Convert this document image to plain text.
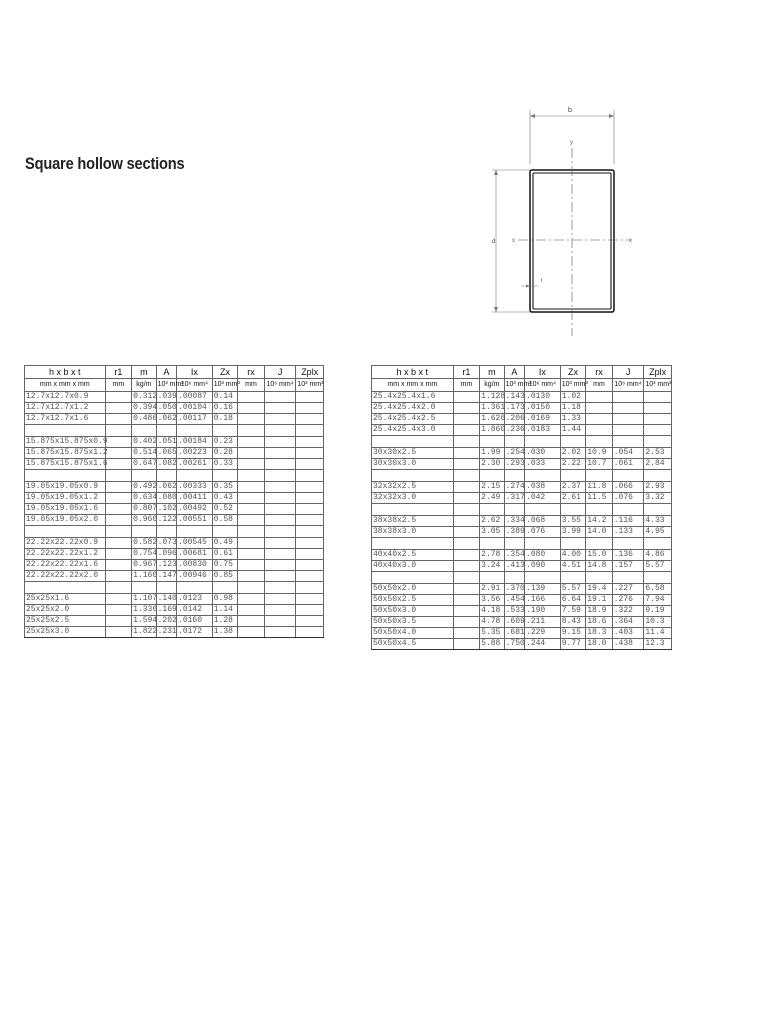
Square hollow sections
b
d
y
x	x
t
h x b x t	r1	m	A	Ix	Zx	rx	J	Zplx
mm x mm x mm	mm	kg/m	10³ mm²	10⁶ mm⁴	10³ mm³	mm	10⁶ mm⁴	10³ mm³
12.7x12.7x0.9		0.312	.039	.00087	0.14			
12.7x12.7x1.2		0.394	.050	.00104	0.16			
12.7x12.7x1.6		0.486	.062	.00117	0.18			

15.875x15.875x0.9		0.402	.051	.00184	0.23			
15.875x15.875x1.2		0.514	.065	.00223	0.28			
15.875x15.875x1.6		0.647	.082	.00261	0.33			

19.05x19.05x0.9		0.492	.062	.00333	0.35			
19.05x19.05x1.2		0.634	.080	.00411	0.43			
19.05x19.05x1.6		0.807	.102	.00492	0.52			
19.05x19.05x2.0		0.960	.122	.00551	0.58			

22.22x22.22x0.9		0.582	.073	.00545	0.49			
22.22x22.22x1.2		0.754	.096	.00681	0.61			
22.22x22.22x1.6		0.967	.123	.00830	0.75			
22.22x22.22x2.0		1.160	.147	.00946	0.85			

25x25x1.6		1.107	.140	.0123	0.98			
25x25x2.0		1.336	.169	.0142	1.14			
25x25x2.5		1.594	.202	.0160	1.28			
25x25x3.0		1.822	.231	.0172	1.38			
h x b x t	r1	m	A	Ix	Zx	rx	J	Zplx
mm x mm x mm	mm	kg/m	10³ mm²	10⁶ mm⁴	10³ mm³	mm	10⁶ mm⁴	10³ mm³
25.4x25.4x1.6		1.128	.143	.0130	1.02			
25.4x25.4x2.0		1.361	.173	.0150	1.18			
25.4x25.4x2.5		1.626	.206	.0169	1.33			
25.4x25.4x3.0		1.860	.236	.0183	1.44			

30x30x2.5		1.99	.254	.030	2.02	10.9	.054	2.53
30x30x3.0		2.30	.293	.033	2.22	10.7	.061	2.84

32x32x2.5		2.15	.274	.038	2.37	11.8	.066	2.93
32x32x3.0		2.49	.317	.042	2.61	11.5	.076	3.32

38x38x2.5		2.62	.334	.068	3.55	14.2	.116	4.33
38x38x3.0		3.05	.389	.076	3.99	14.0	.133	4.95

40x40x2.5		2.78	.354	.080	4.00	15.0	.136	4.86
40x40x3.0		3.24	.413	.090	4.51	14.8	.157	5.57

50x50x2.0		2.91	.370	.139	5.57	19.4	.227	6.58
50x50x2.5		3.56	.454	.166	6.64	19.1	.276	7.94
50x50x3.0		4.18	.533	.190	7.59	18.9	.322	9.19
50x50x3.5		4.78	.609	.211	8.43	18.6	.364	10.3
50x50x4.0		5.35	.681	.229	9.15	18.3	.403	11.4
50x50x4.5		5.88	.750	.244	9.77	18.0	.438	12.3
